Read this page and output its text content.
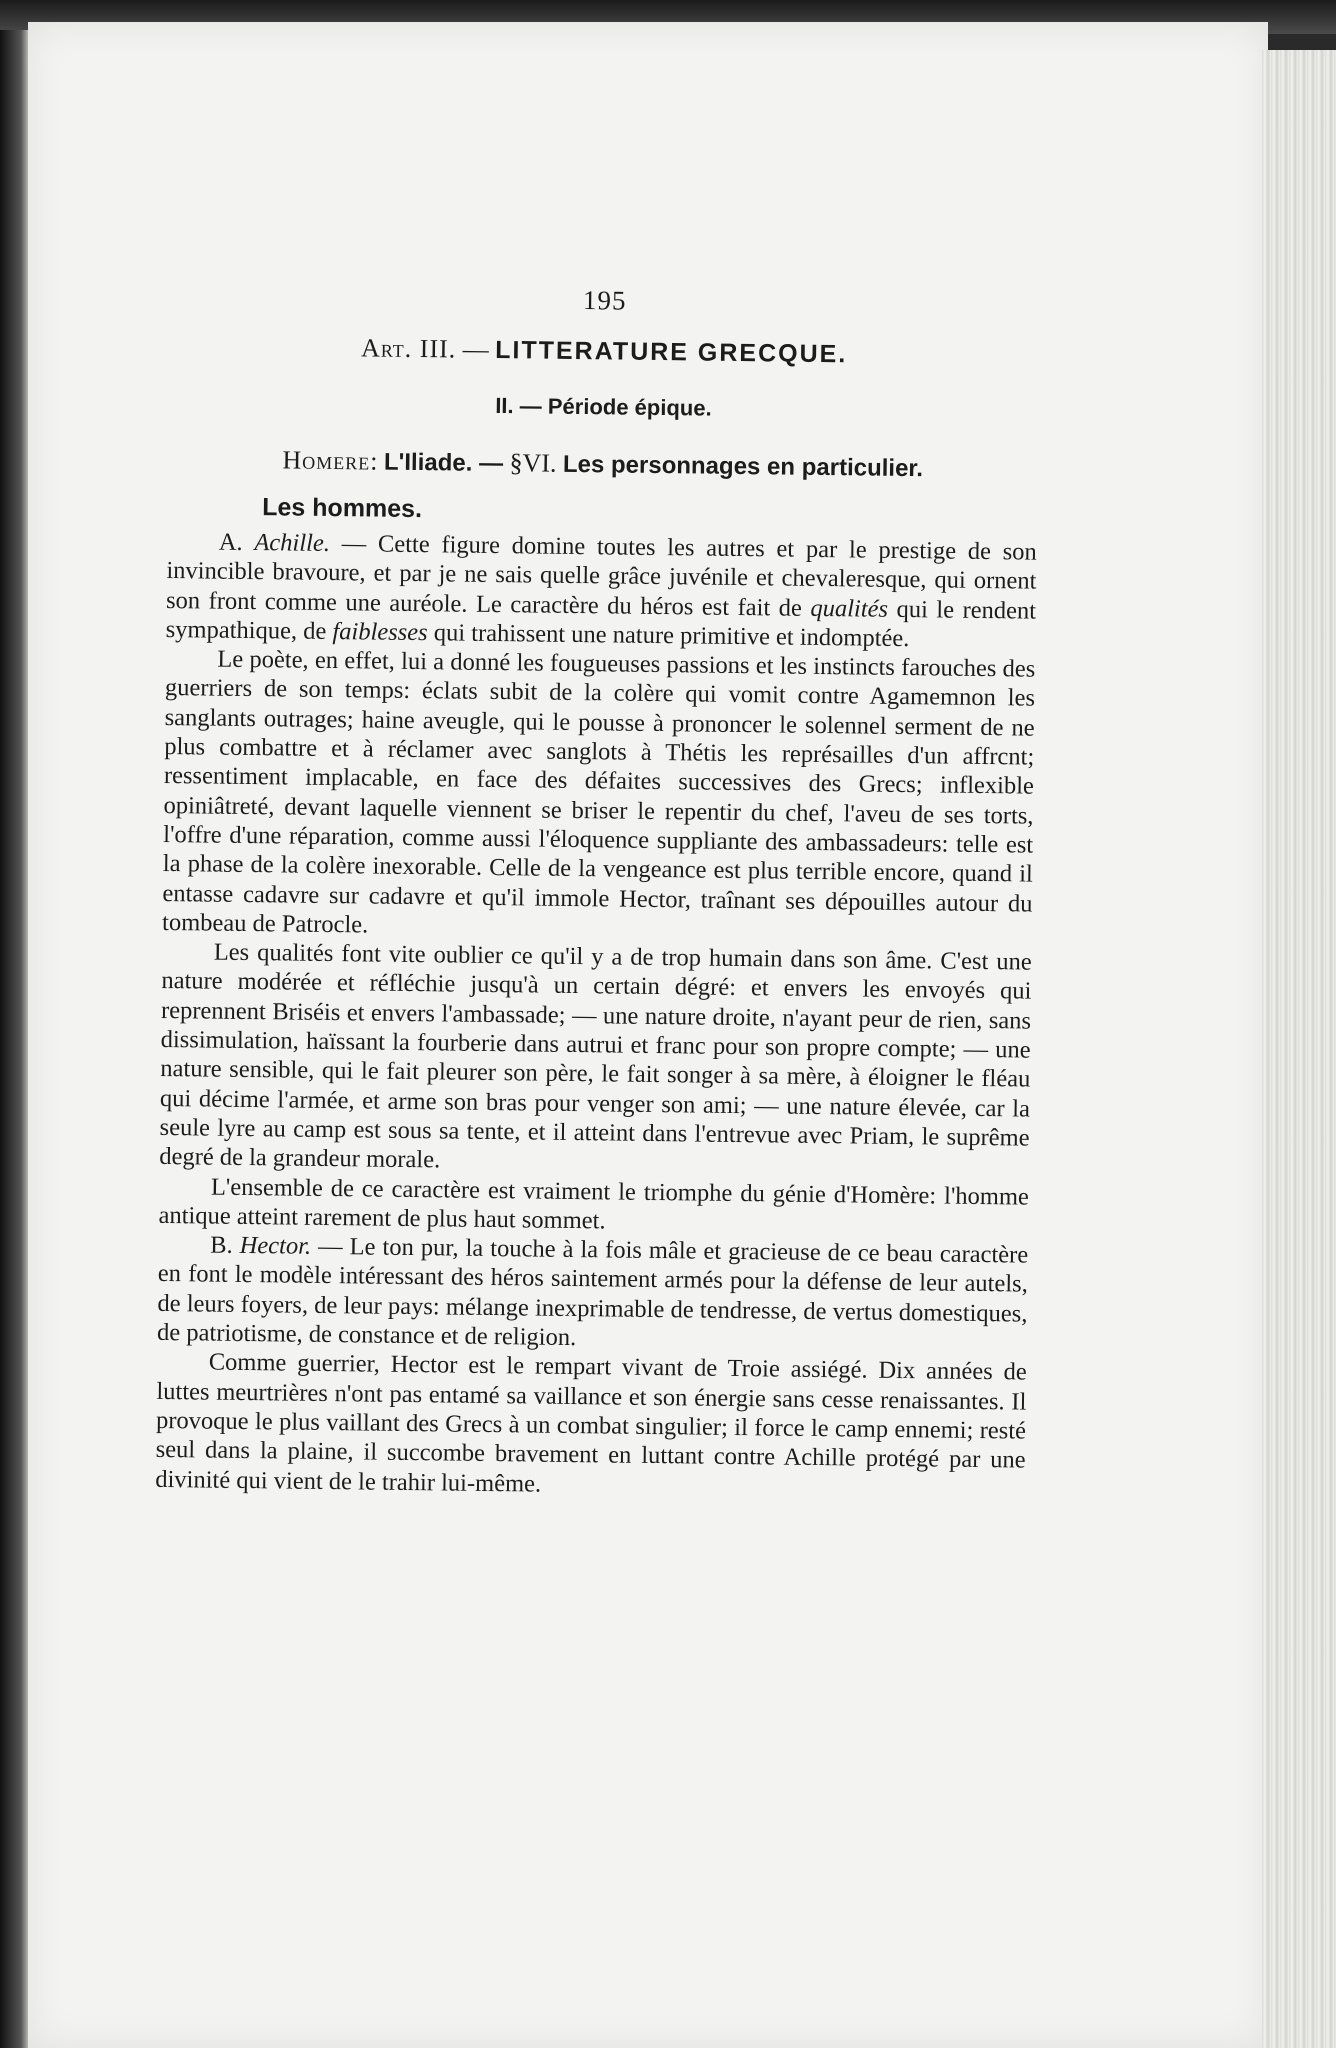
195
Art. III. — LITTERATURE GRECQUE.
II. — Période épique.
Homere: L'Iliade. — §VI. Les personnages en particulier.
Les hommes.

A. Achille. — Cette figure domine toutes les autres et par le prestige de son invincible bravoure, et par je ne sais quelle grâce juvénile et chevaleresque, qui ornent son front comme une auréole. Le caractère du héros est fait de qualités qui le rendent sympathique, de faiblesses qui trahissent une nature primitive et indomptée.

Le poète, en effet, lui a donné les fougueuses passions et les instincts farouches des guerriers de son temps: éclats subit de la colère qui vomit contre Agamemnon les sanglants outrages; haine aveugle, qui le pousse à prononcer le solennel serment de ne plus combattre et à réclamer avec sanglots à Thétis les représailles d'un affrcnt; ressentiment implacable, en face des défaites successives des Grecs; inflexible opiniâtreté, devant laquelle viennent se briser le repentir du chef, l'aveu de ses torts, l'offre d'une réparation, comme aussi l'éloquence suppliante des ambassadeurs: telle est la phase de la colère inexorable. Celle de la vengeance est plus terrible encore, quand il entasse cadavre sur cadavre et qu'il immole Hector, traînant ses dépouilles autour du tombeau de Patrocle.

Les qualités font vite oublier ce qu'il y a de trop humain dans son âme. C'est une nature modérée et réfléchie jusqu'à un certain dégré: et envers les envoyés qui reprennent Briséis et envers l'ambassade; — une nature droite, n'ayant peur de rien, sans dissimulation, haïssant la fourberie dans autrui et franc pour son propre compte; — une nature sensible, qui le fait pleurer son père, le fait songer à sa mère, à éloigner le fléau qui décime l'armée, et arme son bras pour venger son ami; — une nature élevée, car la seule lyre au camp est sous sa tente, et il atteint dans l'entrevue avec Priam, le suprême degré de la grandeur morale.

L'ensemble de ce caractère est vraiment le triomphe du génie d'Homère: l'homme antique atteint rarement de plus haut sommet.

B. Hector. — Le ton pur, la touche à la fois mâle et gracieuse de ce beau caractère en font le modèle intéressant des héros saintement armés pour la défense de leur autels, de leurs foyers, de leur pays: mélange inexprimable de tendresse, de vertus domestiques, de patriotisme, de constance et de religion.

Comme guerrier, Hector est le rempart vivant de Troie assiégé. Dix années de luttes meurtrières n'ont pas entamé sa vaillance et son énergie sans cesse renaissantes. Il provoque le plus vaillant des Grecs à un combat singulier; il force le camp ennemi; resté seul dans la plaine, il succombe bravement en luttant contre Achille protégé par une divinité qui vient de le trahir lui-même.
